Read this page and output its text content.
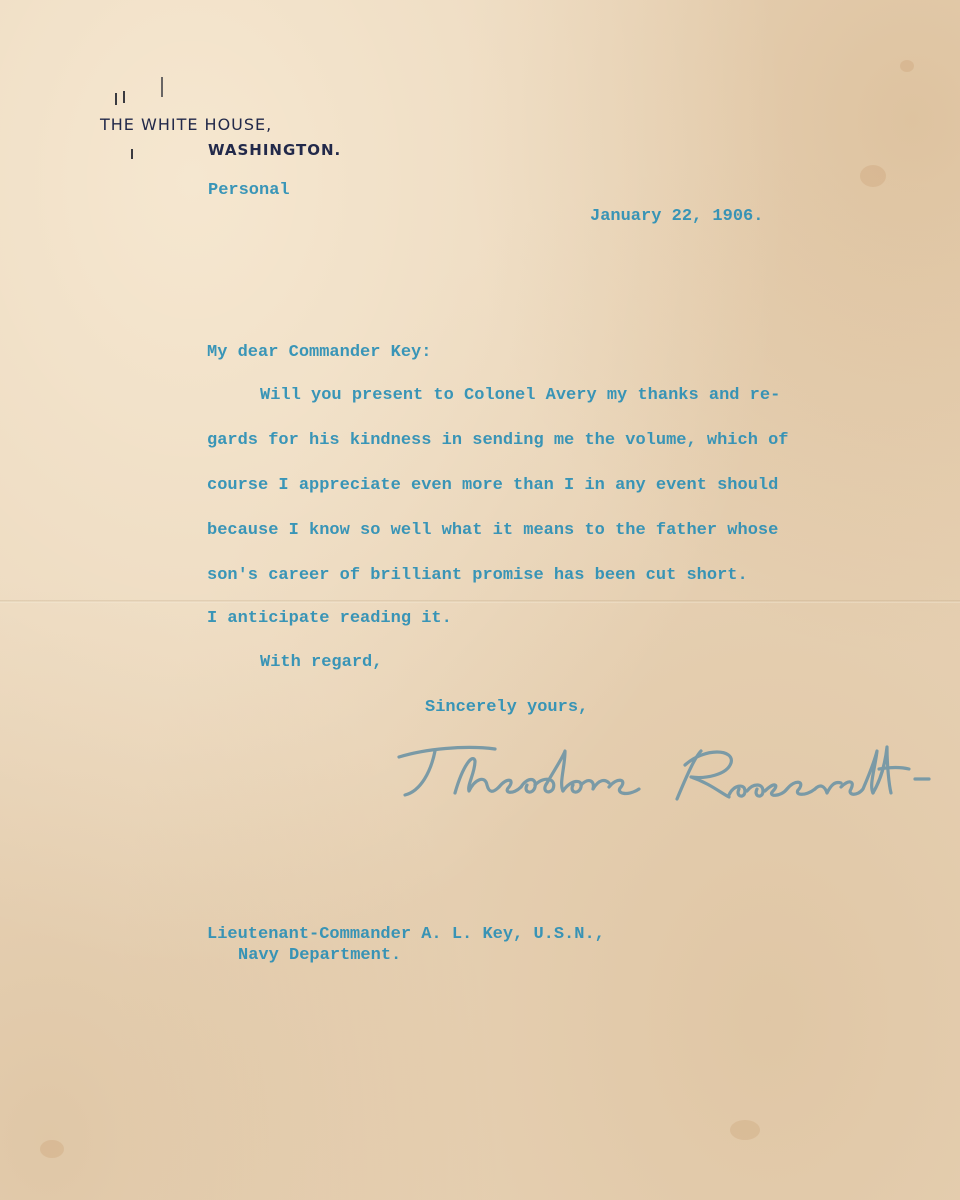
THE WHITE HOUSE,
WASHINGTON.
Personal
January 22, 1906.
My dear Commander Key:
Will you present to Colonel Avery my thanks and re-
gards for his kindness in sending me the volume, which of
course I appreciate even more than I in any event should
because I know so well what it means to the father whose
son's career of brilliant promise has been cut short.
I anticipate reading it.
With regard,
Sincerely yours,
Lieutenant-Commander A. L. Key, U.S.N.,
Navy Department.
